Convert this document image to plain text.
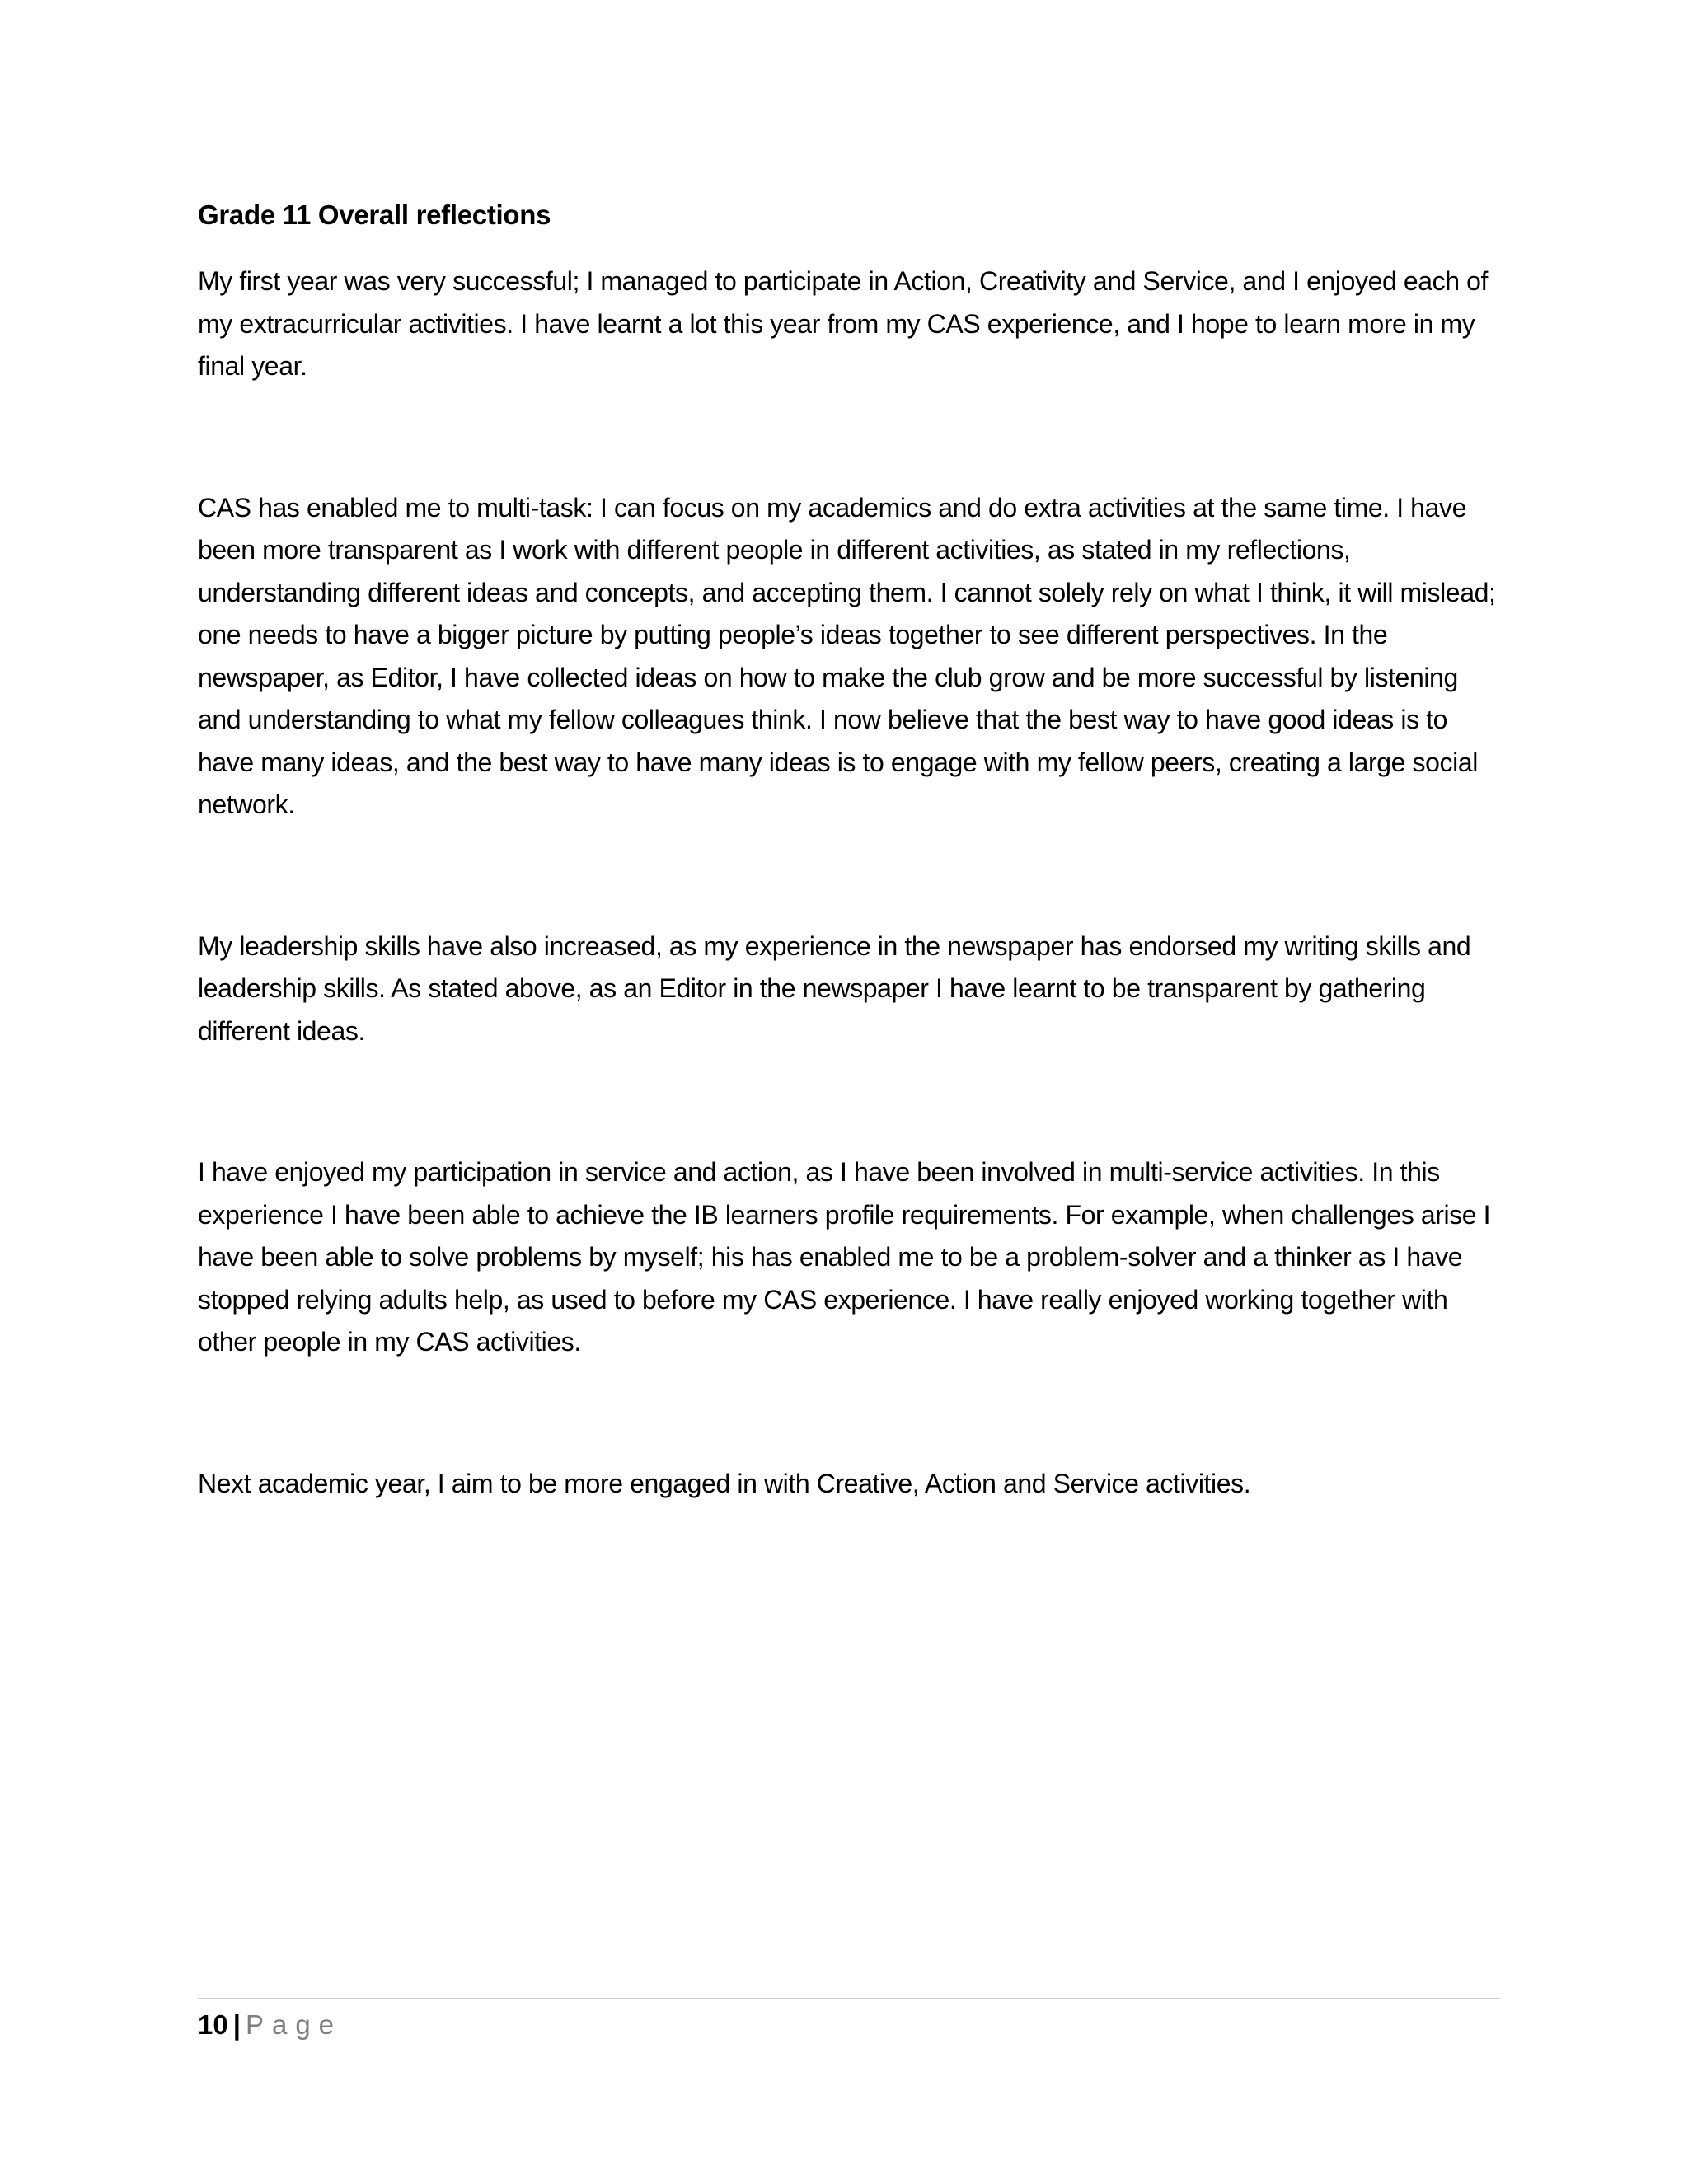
Grade 11 Overall reflections

My first year was very successful; I managed to participate in Action, Creativity and Service, and I enjoyed each of my extracurricular activities. I have learnt a lot this year from my CAS experience, and I hope to learn more in my final year.

CAS has enabled me to multi-task: I can focus on my academics and do extra activities at the same time. I have been more transparent as I work with different people in different activities, as stated in my reflections, understanding different ideas and concepts, and accepting them. I cannot solely rely on what I think, it will mislead; one needs to have a bigger picture by putting people’s ideas together to see different perspectives. In the newspaper, as Editor, I have collected ideas on how to make the club grow and be more successful by listening and understanding to what my fellow colleagues think. I now believe that the best way to have good ideas is to have many ideas, and the best way to have many ideas is to engage with my fellow peers, creating a large social network.

My leadership skills have also increased, as my experience in the newspaper has endorsed my writing skills and leadership skills. As stated above, as an Editor in the newspaper I have learnt to be transparent by gathering different ideas.

I have enjoyed my participation in service and action, as I have been involved in multi-service activities. In this experience I have been able to achieve the IB learners profile requirements. For example, when challenges arise I have been able to solve problems by myself; his has enabled me to be a problem-solver and a thinker as I have stopped relying adults help, as used to before my CAS experience. I have really enjoyed working together with other people in my CAS activities.

Next academic year, I aim to be more engaged in with Creative, Action and Service activities.

10 | Page
